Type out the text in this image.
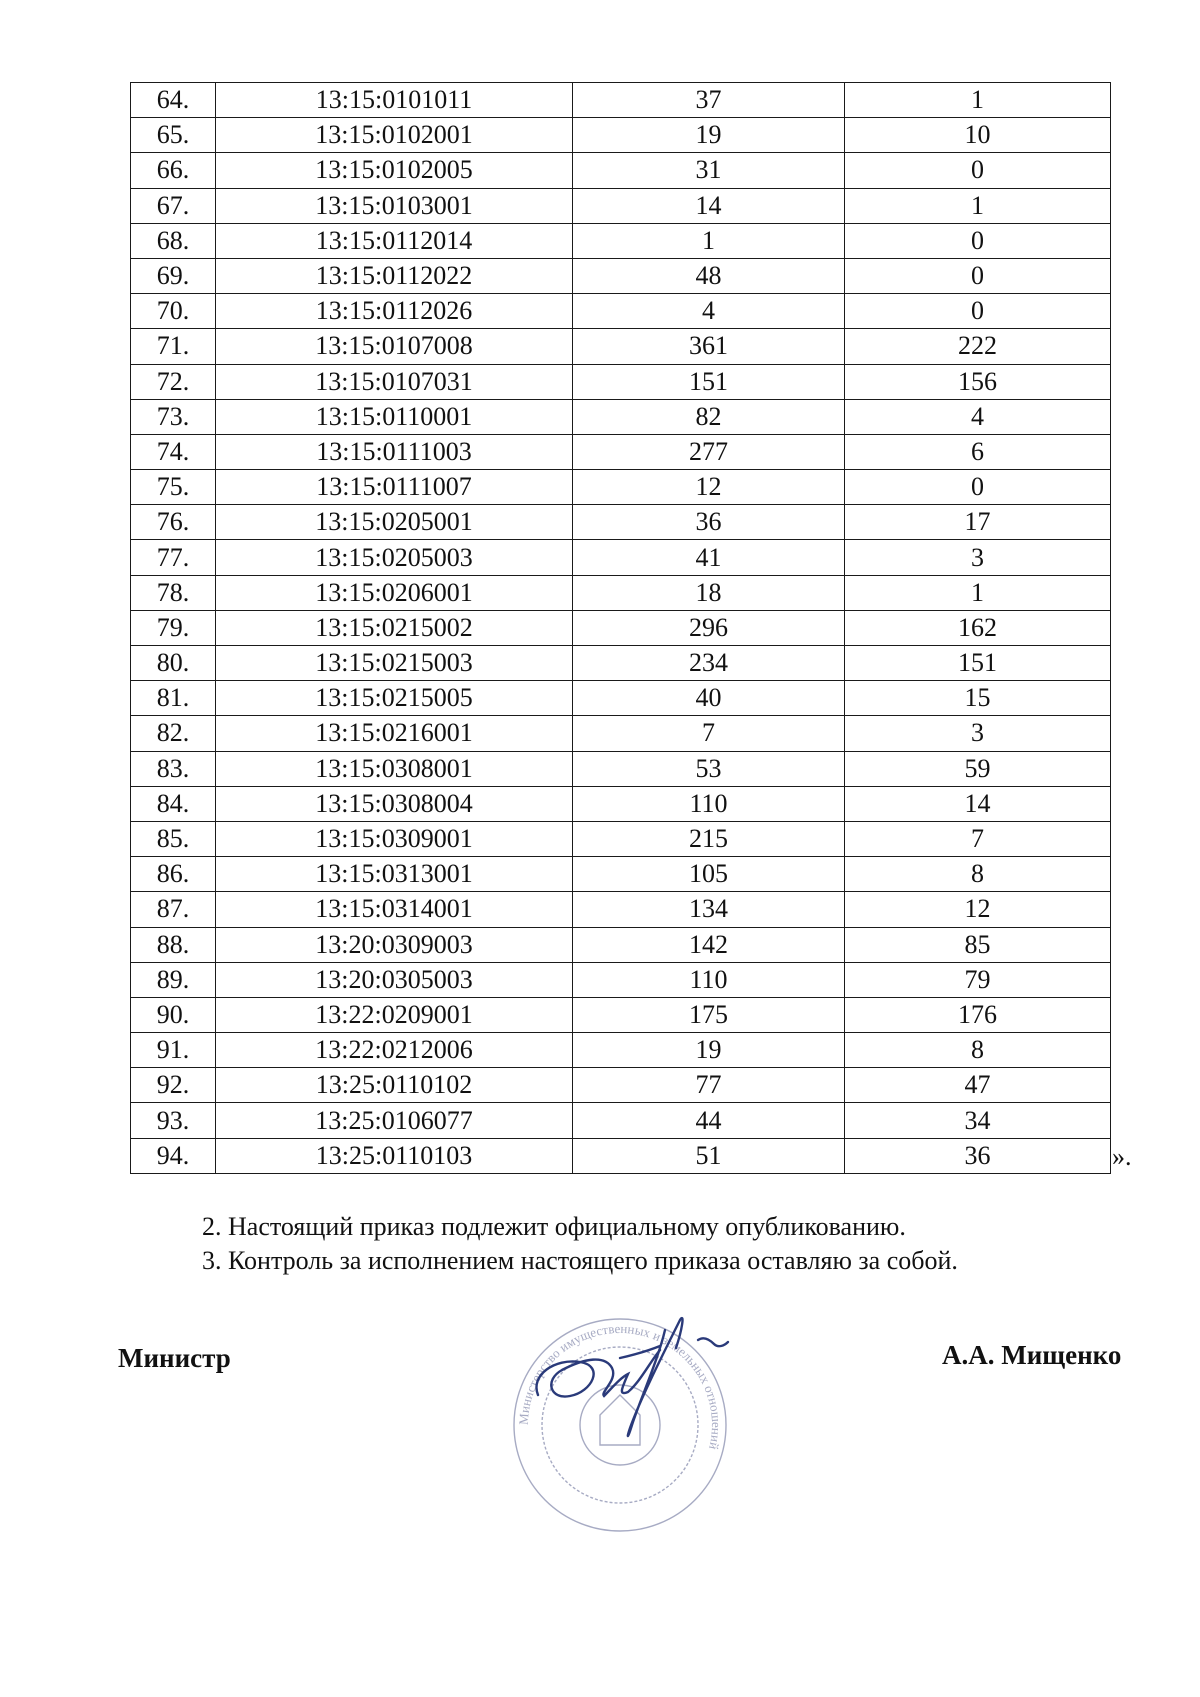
64.	13:15:0101011	37	1
65.	13:15:0102001	19	10
66.	13:15:0102005	31	0
67.	13:15:0103001	14	1
68.	13:15:0112014	1	0
69.	13:15:0112022	48	0
70.	13:15:0112026	4	0
71.	13:15:0107008	361	222
72.	13:15:0107031	151	156
73.	13:15:0110001	82	4
74.	13:15:0111003	277	6
75.	13:15:0111007	12	0
76.	13:15:0205001	36	17
77.	13:15:0205003	41	3
78.	13:15:0206001	18	1
79.	13:15:0215002	296	162
80.	13:15:0215003	234	151
81.	13:15:0215005	40	15
82.	13:15:0216001	7	3
83.	13:15:0308001	53	59
84.	13:15:0308004	110	14
85.	13:15:0309001	215	7
86.	13:15:0313001	105	8
87.	13:15:0314001	134	12
88.	13:20:0309003	142	85
89.	13:20:0305003	110	79
90.	13:22:0209001	175	176
91.	13:22:0212006	19	8
92.	13:25:0110102	77	47
93.	13:25:0106077	44	34
94.	13:25:0110103	51	36	».
2. Настоящий приказ подлежит официальному опубликованию.
3. Контроль за исполнением настоящего приказа оставляю за собой.
Министр	А.А. Мищенко
Министерство имущественных и земельных отношений
